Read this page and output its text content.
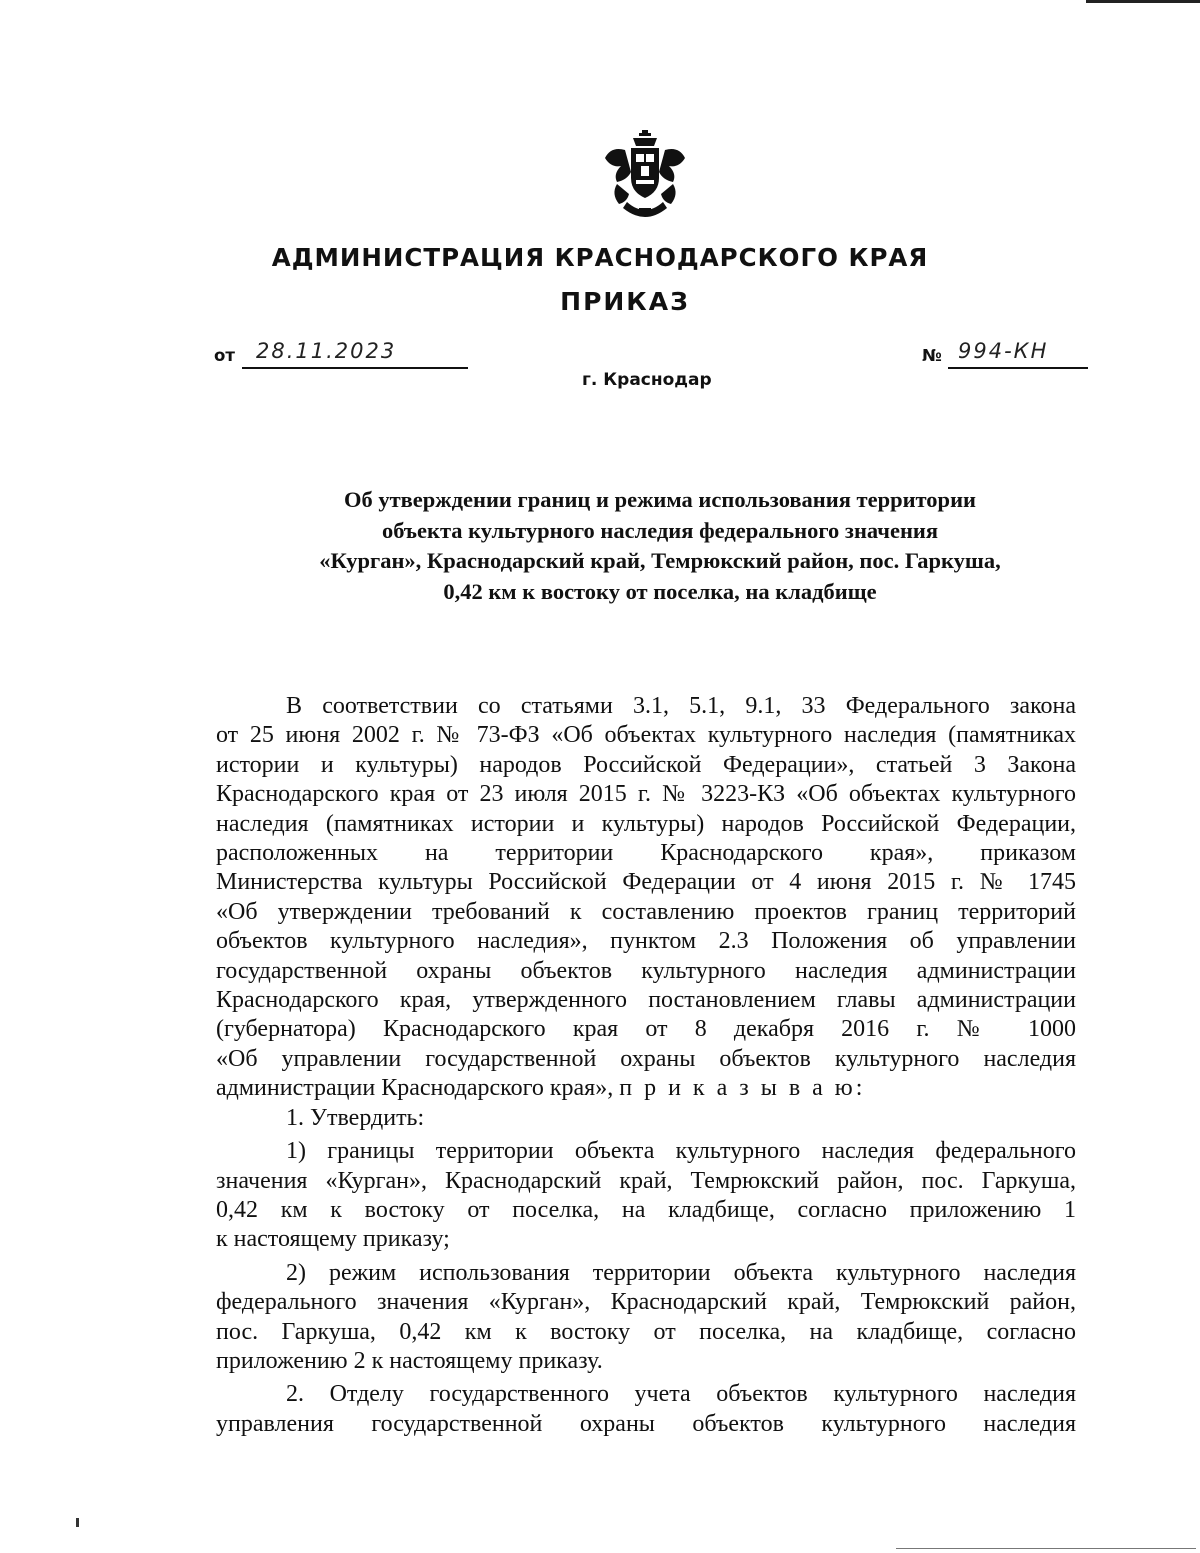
АДМИНИСТРАЦИЯ КРАСНОДАРСКОГО КРАЯ
ПРИКАЗ
от 28.11.2023	№ 994-КН
г. Краснодар
Об утверждении границ и режима использования территории
объекта культурного наследия федерального значения
«Курган», Краснодарский край, Темрюкский район, пос. Гаркуша,
0,42 км к востоку от поселка, на кладбище
В соответствии со статьями 3.1, 5.1, 9.1, 33 Федерального закона
от 25 июня 2002 г. № 73-ФЗ «Об объектах культурного наследия (памятниках
истории и культуры) народов Российской Федерации», статьей 3 Закона
Краснодарского края от 23 июля 2015 г. № 3223-КЗ «Об объектах культурного
наследия (памятниках истории и культуры) народов Российской Федерации,
расположенных на территории Краснодарского края», приказом
Министерства культуры Российской Федерации от 4 июня 2015 г. № 1745
«Об утверждении требований к составлению проектов границ территорий
объектов культурного наследия», пунктом 2.3 Положения об управлении
государственной охраны объектов культурного наследия администрации
Краснодарского края, утвержденного постановлением главы администрации
(губернатора) Краснодарского края от 8 декабря 2016 г. № 1000
«Об управлении государственной охраны объектов культурного наследия
администрации Краснодарского края», п р и к а з ы в а ю:
1. Утвердить:
1) границы территории объекта культурного наследия федерального
значения «Курган», Краснодарский край, Темрюкский район, пос. Гаркуша,
0,42 км к востоку от поселка, на кладбище, согласно приложению 1
к настоящему приказу;
2) режим использования территории объекта культурного наследия
федерального значения «Курган», Краснодарский край, Темрюкский район,
пос. Гаркуша, 0,42 км к востоку от поселка, на кладбище, согласно
приложению 2 к настоящему приказу.
2. Отделу государственного учета объектов культурного наследия
управления государственной охраны объектов культурного наследия
